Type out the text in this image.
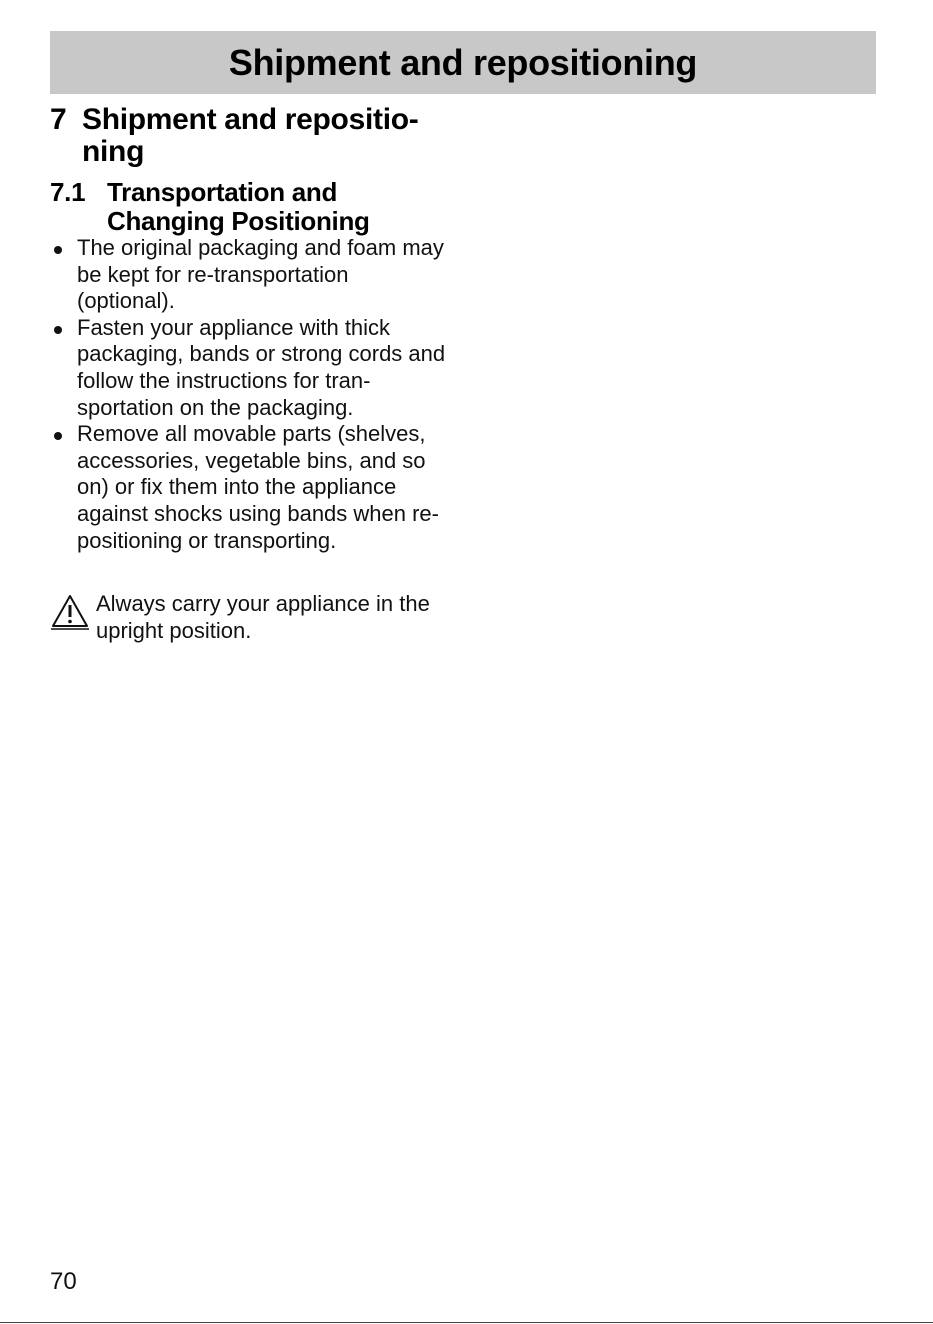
Shipment and repositioning
7 Shipment and repositio-ning
7.1 Transportation and Changing Positioning
The original packaging and foam may be kept for re-transportation (optional).
Fasten your appliance with thick packaging, bands or strong cords and follow the instructions for tran-sportation on the packaging.
Remove all movable parts (shelves, accessories, vegetable bins, and so on) or fix them into the appliance against shocks using bands when re-positioning or transporting.
Always carry your appliance in the upright position.
70
